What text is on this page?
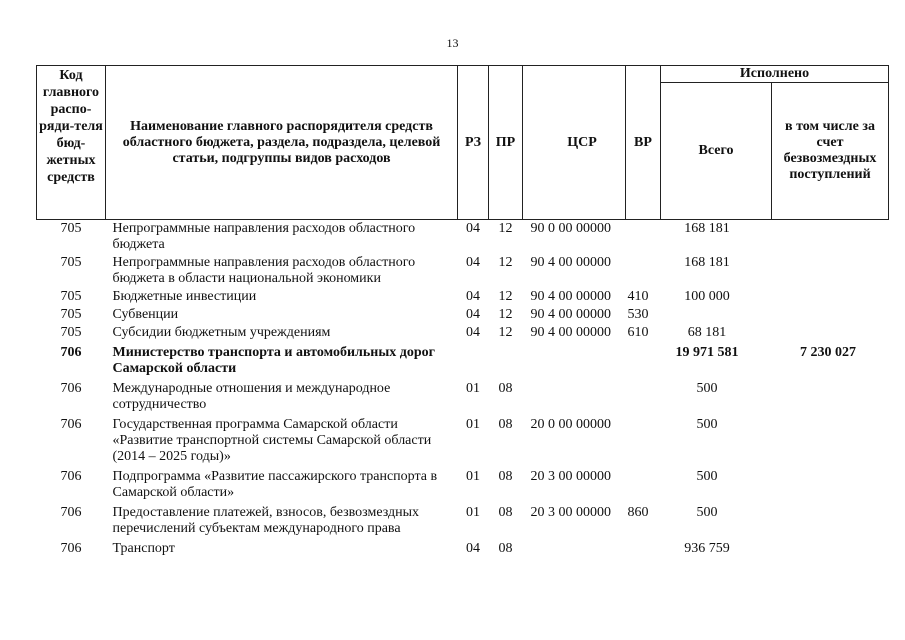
13
Код главного распо-ряди-теля бюд-жетных средств	Наименование главного распорядителя средств областного бюджета, раздела, подраздела, целевой статьи, подгруппы видов расходов	РЗ	ПР	ЦСР	ВР	Исполнено	
						Всего	в том числе за счет безвозмездных поступлений
705	Непрограммные направления расходов областного бюджета	04	12	90 0 00 00000		168 181	
705	Непрограммные направления расходов областного бюджета в области национальной экономики	04	12	90 4 00 00000		168 181	
705	Бюджетные инвестиции	04	12	90 4 00 00000	410	100 000	
705	Субвенции	04	12	90 4 00 00000	530		
705	Субсидии бюджетным учреждениям	04	12	90 4 00 00000	610	68 181	
706	Министерство транспорта и автомобильных дорог Самарской области					19 971 581	7 230 027
706	Международные отношения и международное сотрудничество	01	08			500	
706	Государственная программа Самарской области «Развитие транспортной системы Самарской области (2014 – 2025 годы)»	01	08	20 0 00 00000		500	
706	Подпрограмма «Развитие пассажирского транспорта в Самарской области»	01	08	20 3 00 00000		500	
706	Предоставление платежей, взносов, безвозмездных перечислений субъектам международного права	01	08	20 3 00 00000	860	500	
706	Транспорт	04	08			936 759	
